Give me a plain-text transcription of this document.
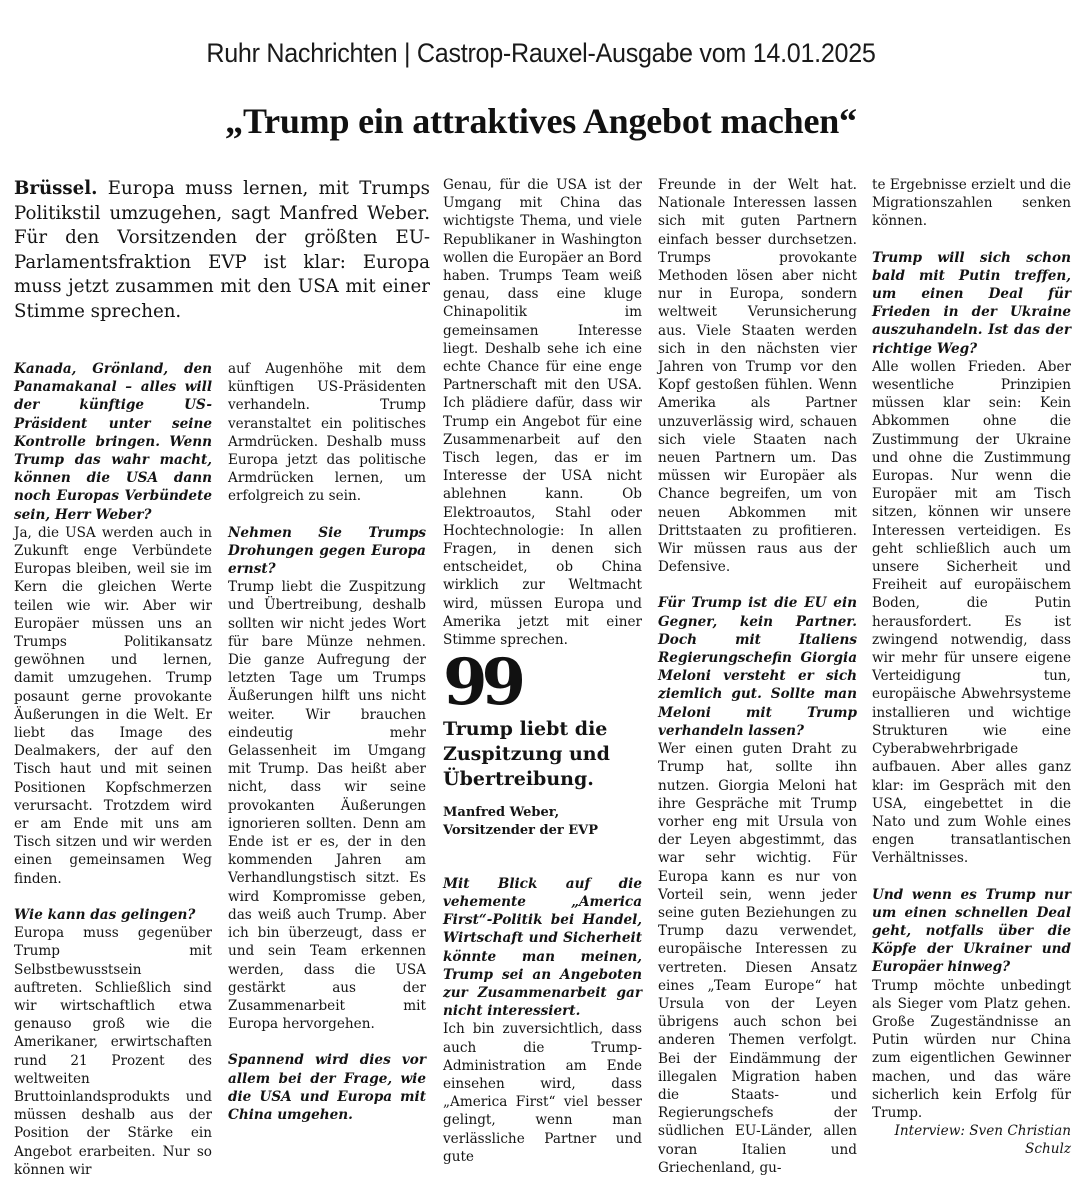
Ruhr Nachrichten | Castrop-Rauxel-Ausgabe vom 14.01.2025
„Trump ein attraktives Angebot machen“
Brüssel. Europa muss lernen, mit Trumps Politikstil umzugehen, sagt Manfred Weber. Für den Vorsitzenden der größten EU-Parlamentsfraktion EVP ist klar: Europa muss jetzt zusammen mit den USA mit einer Stimme sprechen.

Kanada, Grönland, den Panamakanal – alles will der künftige US-Präsident unter seine Kontrolle bringen. Wenn Trump das wahr macht, können die USA dann noch Europas Verbündete sein, Herr Weber?

Ja, die USA werden auch in Zukunft enge Verbündete Europas bleiben, weil sie im Kern die gleichen Werte teilen wie wir. Aber wir Europäer müssen uns an Trumps Politikansatz gewöhnen und lernen, damit umzugehen. Trump posaunt gerne provokante Äußerungen in die Welt. Er liebt das Image des Dealmakers, der auf den Tisch haut und mit seinen Positionen Kopfschmerzen verursacht. Trotzdem wird er am Ende mit uns am Tisch sitzen und wir werden einen gemeinsamen Weg finden.

Wie kann das gelingen?

Europa muss gegenüber Trump mit Selbstbewusstsein auftreten. Schließlich sind wir wirtschaftlich etwa genauso groß wie die Amerikaner, erwirtschaften rund 21 Prozent des weltweiten Bruttoinlandsprodukts und müssen deshalb aus der Position der Stärke ein Angebot erarbeiten. Nur so können wir

auf Augenhöhe mit dem künftigen US-Präsidenten verhandeln. Trump veranstaltet ein politisches Armdrücken. Deshalb muss Europa jetzt das politische Armdrücken lernen, um erfolgreich zu sein.

Nehmen Sie Trumps Drohungen gegen Europa ernst?

Trump liebt die Zuspitzung und Übertreibung, deshalb sollten wir nicht jedes Wort für bare Münze nehmen. Die ganze Aufregung der letzten Tage um Trumps Äußerungen hilft uns nicht weiter. Wir brauchen eindeutig mehr Gelassenheit im Umgang mit Trump. Das heißt aber nicht, dass wir seine provokanten Äußerungen ignorieren sollten. Denn am Ende ist er es, der in den kommenden Jahren am Verhandlungstisch sitzt. Es wird Kompromisse geben, das weiß auch Trump. Aber ich bin überzeugt, dass er und sein Team erkennen werden, dass die USA gestärkt aus der Zusammenarbeit mit Europa hervorgehen.

Spannend wird dies vor allem bei der Frage, wie die USA und Europa mit China umgehen.

Genau, für die USA ist der Umgang mit China das wichtigste Thema, und viele Republikaner in Washington wollen die Europäer an Bord haben. Trumps Team weiß genau, dass eine kluge Chinapolitik im gemeinsamen Interesse liegt. Deshalb sehe ich eine echte Chance für eine enge Partnerschaft mit den USA. Ich plädiere dafür, dass wir Trump ein Angebot für eine Zusammenarbeit auf den Tisch legen, das er im Interesse der USA nicht ablehnen kann. Ob Elektroautos, Stahl oder Hochtechnologie: In allen Fragen, in denen sich entscheidet, ob China wirklich zur Weltmacht wird, müssen Europa und Amerika jetzt mit einer Stimme sprechen.

99

Trump liebt die Zuspitzung und Übertreibung.

Manfred Weber, Vorsitzender der EVP

Mit Blick auf die vehemente „America First“-Politik bei Handel, Wirtschaft und Sicherheit könnte man meinen, Trump sei an Angeboten zur Zusammenarbeit gar nicht interessiert.

Ich bin zuversichtlich, dass auch die Trump-Administration am Ende einsehen wird, dass „America First“ viel besser gelingt, wenn man verlässliche Partner und gute

Freunde in der Welt hat. Nationale Interessen lassen sich mit guten Partnern einfach besser durchsetzen. Trumps provokante Methoden lösen aber nicht nur in Europa, sondern weltweit Verunsicherung aus. Viele Staaten werden sich in den nächsten vier Jahren von Trump vor den Kopf gestoßen fühlen. Wenn Amerika als Partner unzuverlässig wird, schauen sich viele Staaten nach neuen Partnern um. Das müssen wir Europäer als Chance begreifen, um von neuen Abkommen mit Drittstaaten zu profitieren. Wir müssen raus aus der Defensive.

Für Trump ist die EU ein Gegner, kein Partner. Doch mit Italiens Regierungschefin Giorgia Meloni versteht er sich ziemlich gut. Sollte man Meloni mit Trump verhandeln lassen?

Wer einen guten Draht zu Trump hat, sollte ihn nutzen. Giorgia Meloni hat ihre Gespräche mit Trump vorher eng mit Ursula von der Leyen abgestimmt, das war sehr wichtig. Für Europa kann es nur von Vorteil sein, wenn jeder seine guten Beziehungen zu Trump dazu verwendet, europäische Interessen zu vertreten. Diesen Ansatz eines „Team Europe“ hat Ursula von der Leyen übrigens auch schon bei anderen Themen verfolgt. Bei der Eindämmung der illegalen Migration haben die Staats- und Regierungschefs der südlichen EU-Länder, allen voran Italien und Griechenland, gu-

te Ergebnisse erzielt und die Migrationszahlen senken können.

Trump will sich schon bald mit Putin treffen, um einen Deal für Frieden in der Ukraine auszuhandeln. Ist das der richtige Weg?

Alle wollen Frieden. Aber wesentliche Prinzipien müssen klar sein: Kein Abkommen ohne die Zustimmung der Ukraine und ohne die Zustimmung Europas. Nur wenn die Europäer mit am Tisch sitzen, können wir unsere Interessen verteidigen. Es geht schließlich auch um unsere Sicherheit und Freiheit auf europäischem Boden, die Putin herausfordert. Es ist zwingend notwendig, dass wir mehr für unsere eigene Verteidigung tun, europäische Abwehrsysteme installieren und wichtige Strukturen wie eine Cyberabwehrbrigade aufbauen. Aber alles ganz klar: im Gespräch mit den USA, eingebettet in die Nato und zum Wohle eines engen transatlantischen Verhältnisses.

Und wenn es Trump nur um einen schnellen Deal geht, notfalls über die Köpfe der Ukrainer und Europäer hinweg?

Trump möchte unbedingt als Sieger vom Platz gehen. Große Zugeständnisse an Putin würden nur China zum eigentlichen Gewinner machen, und das wäre sicherlich kein Erfolg für Trump.

Interview: Sven Christian Schulz
